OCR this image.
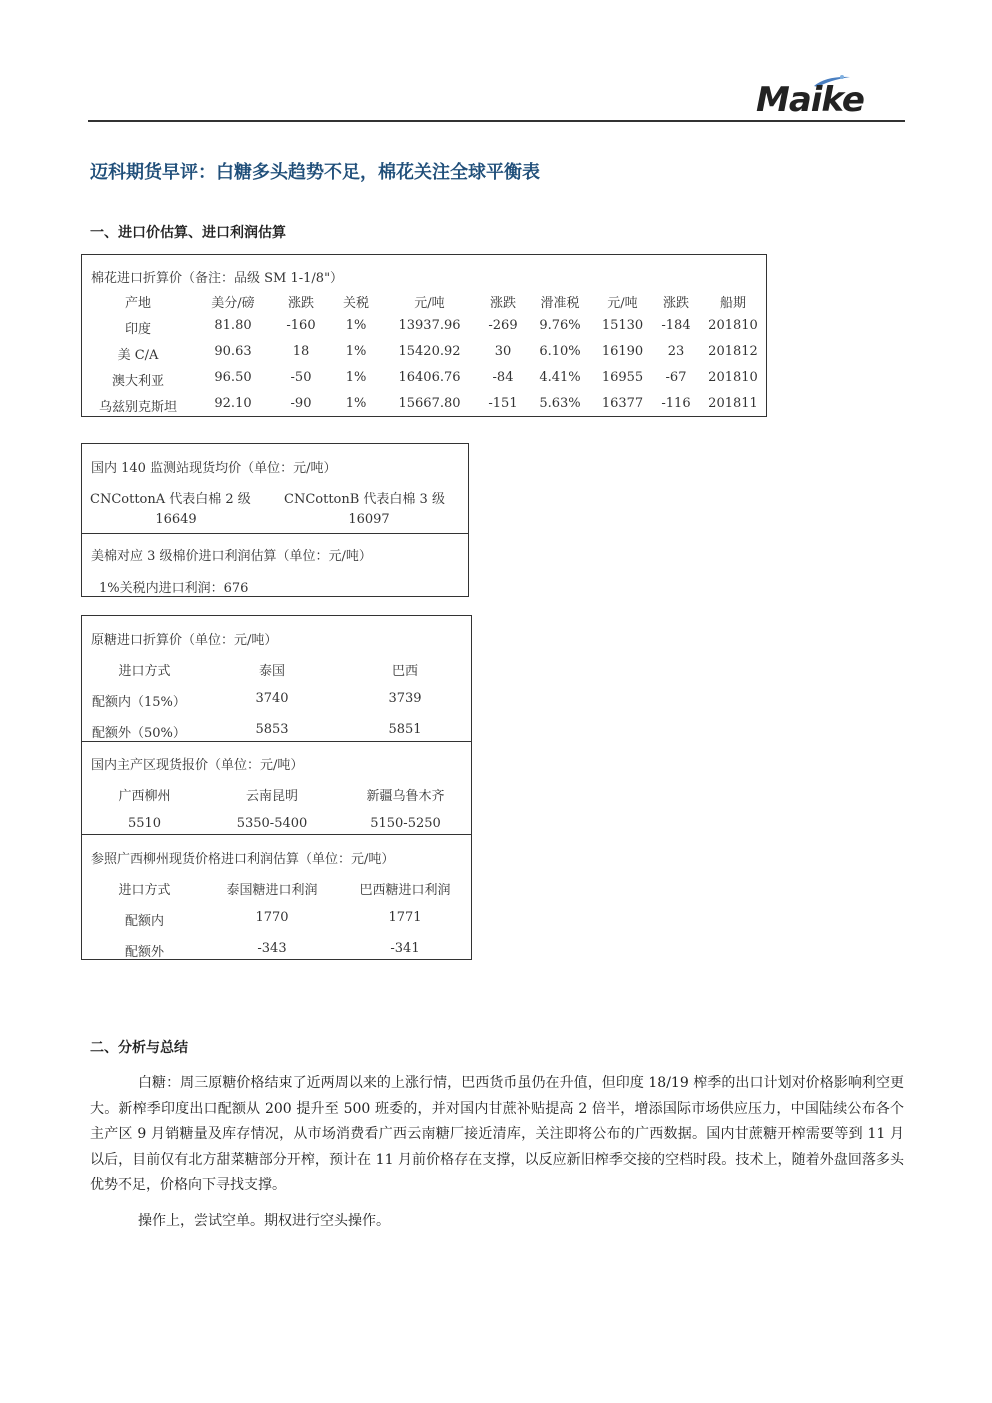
Maike
迈科期货早评：白糖多头趋势不足，棉花关注全球平衡表
一、进口价估算、进口利润估算
棉花进口折算价（备注：品级 SM 1-1/8"）
产地	美分/磅	涨跌	关税	元/吨	涨跌	滑准税	元/吨	涨跌	船期
印度	81.80	-160	1%	13937.96	-269	9.76%	15130	-184	201810
美 C/A	90.63	18	1%	15420.92	30	6.10%	16190	23	201812
澳大利亚	96.50	-50	1%	16406.76	-84	4.41%	16955	-67	201810
乌兹别克斯坦	92.10	-90	1%	15667.80	-151	5.63%	16377	-116	201811
国内 140 监测站现货均价（单位：元/吨）
CNCottonA 代表白棉 2 级	CNCottonB 代表白棉 3 级
16649	16097
美棉对应 3 级棉价进口利润估算（单位：元/吨）
1%关税内进口利润：676
原糖进口折算价（单位：元/吨）
进口方式	泰国	巴西
配额内（15%）	3740	3739
配额外（50%）	5853	5851
国内主产区现货报价（单位：元/吨）
广西柳州	云南昆明	新疆乌鲁木齐
5510	5350-5400	5150-5250
参照广西柳州现货价格进口利润估算（单位：元/吨）
进口方式	泰国糖进口利润	巴西糖进口利润
配额内	1770	1771
配额外	-343	-341
二、分析与总结
白糖：周三原糖价格结束了近两周以来的上涨行情，巴西货币虽仍在升值，但印度 18/19 榨季的出口计划对价格影响利空更大。新榨季印度出口配额从 200 提升至 500 班委的，并对国内甘蔗补贴提高 2 倍半，增添国际市场供应压力，中国陆续公布各个主产区 9 月销糖量及库存情况，从市场消费看广西云南糖厂接近清库，关注即将公布的广西数据。国内甘蔗糖开榨需要等到 11 月以后，目前仅有北方甜菜糖部分开榨，预计在 11 月前价格存在支撑，以反应新旧榨季交接的空档时段。技术上，随着外盘回落多头优势不足，价格向下寻找支撑。
操作上，尝试空单。期权进行空头操作。
